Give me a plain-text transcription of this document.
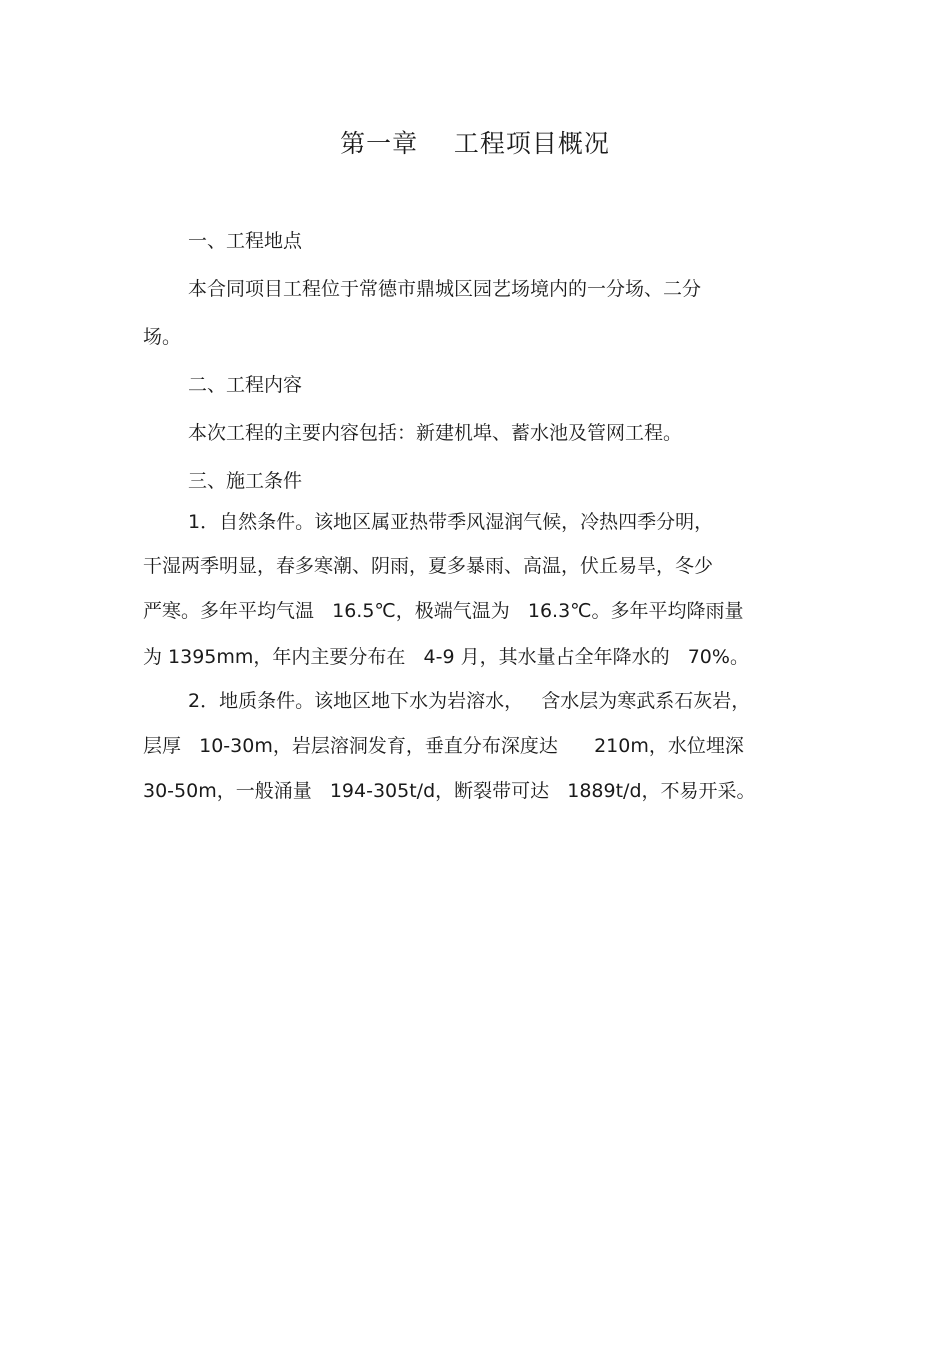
第一章    工程项目概况
一、工程地点
本合同项目工程位于常德市鼎城区园艺场境内的一分场、二分
场。
二、工程内容
本次工程的主要内容包括：新建机埠、蓄水池及管网工程。
三、施工条件
1．自然条件。该地区属亚热带季风湿润气候，冷热四季分明，
干湿两季明显，春多寒潮、阴雨，夏多暴雨、高温，伏丘易旱，冬少
严寒。多年平均气温   16.5℃，极端气温为   16.3℃。多年平均降雨量
为 1395mm，年内主要分布在   4-9 月，其水量占全年降水的   70%。
2．地质条件。该地区地下水为岩溶水，   含水层为寒武系石灰岩，
层厚   10-30m，岩层溶洞发育，垂直分布深度达      210m，水位埋深
30-50m，一般涌量   194-305t/d，断裂带可达   1889t/d，不易开采。
